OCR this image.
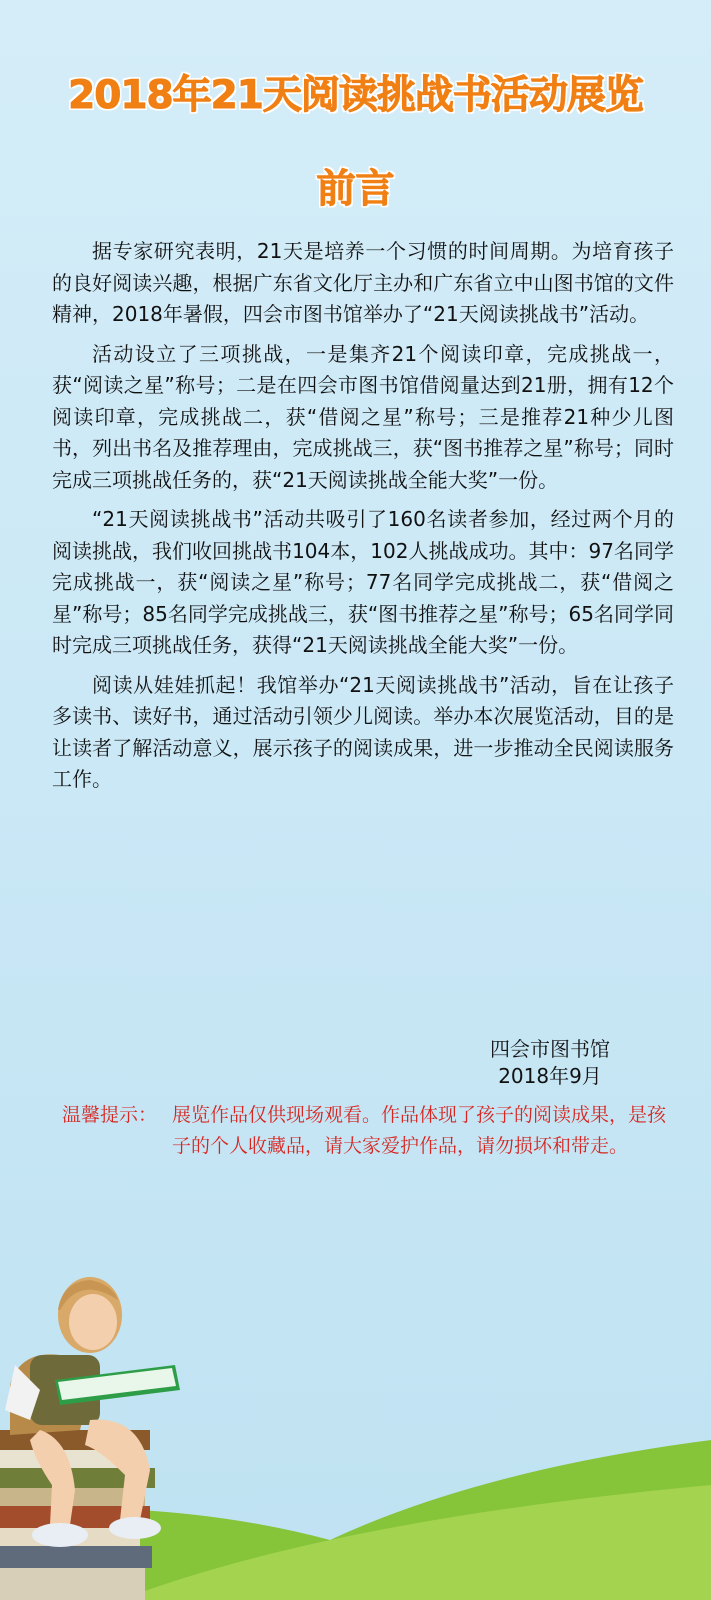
2018年21天阅读挑战书活动展览
前言

据专家研究表明，21天是培养一个习惯的时间周期。为培育孩子的良好阅读兴趣，根据广东省文化厅主办和广东省立中山图书馆的文件精神，2018年暑假，四会市图书馆举办了“21天阅读挑战书”活动。

活动设立了三项挑战，一是集齐21个阅读印章，完成挑战一，获“阅读之星”称号；二是在四会市图书馆借阅量达到21册，拥有12个阅读印章，完成挑战二，获“借阅之星”称号；三是推荐21种少儿图书，列出书名及推荐理由，完成挑战三，获“图书推荐之星”称号；同时完成三项挑战任务的，获“21天阅读挑战全能大奖”一份。

“21天阅读挑战书”活动共吸引了160名读者参加，经过两个月的阅读挑战，我们收回挑战书104本，102人挑战成功。其中：97名同学完成挑战一，获“阅读之星”称号；77名同学完成挑战二，获“借阅之星”称号；85名同学完成挑战三，获“图书推荐之星”称号；65名同学同时完成三项挑战任务，获得“21天阅读挑战全能大奖”一份。

阅读从娃娃抓起！我馆举办“21天阅读挑战书”活动，旨在让孩子多读书、读好书，通过活动引领少儿阅读。举办本次展览活动，目的是让读者了解活动意义，展示孩子的阅读成果，进一步推动全民阅读服务工作。

四会市图书馆
2018年9月
温馨提示： 展览作品仅供现场观看。作品体现了孩子的阅读成果，是孩子的个人收藏品，请大家爱护作品，请勿损坏和带走。
